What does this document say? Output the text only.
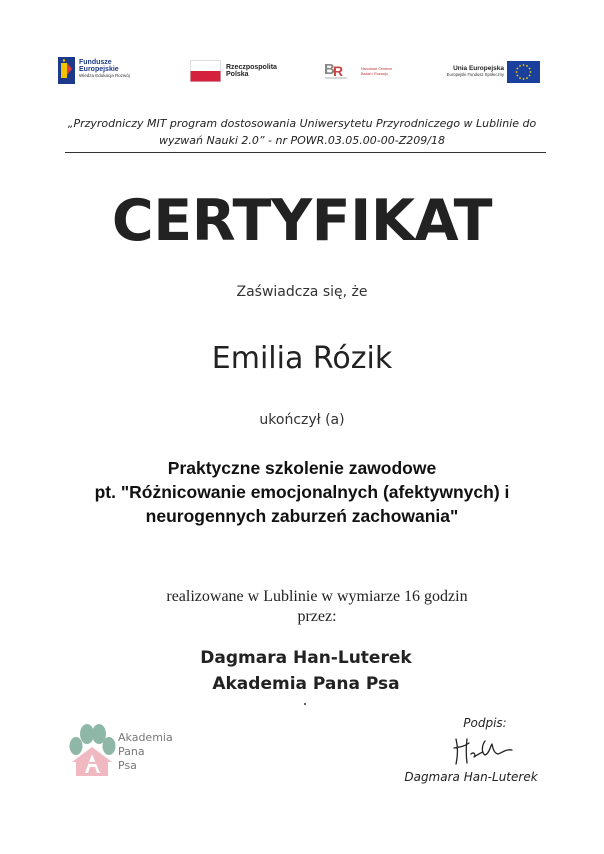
Fundusze
Europejskie
Wiedza Edukacja Rozwój
Rzeczpospolita
Polska	B
R	Narodowe Centrum
Badań i Rozwoju
Unia Europejska
Europejski Fundusz Społeczny
„Przyrodniczy MIT program dostosowania Uniwersytetu Przyrodniczego w Lublinie do
wyzwań Nauki 2.0” - nr POWR.03.05.00-00-Z209/18
CERTYFIKAT
Zaświadcza się, że
Emilia Rózik
ukończył (a)
Praktyczne szkolenie zawodowe
pt. "Różnicowanie emocjonalnych (afektywnych) i
neurogennych zaburzeń zachowania"
realizowane w Lublinie w wymiarze 16 godzin
przez:
Dagmara Han-Luterek
Akademia Pana Psa
Akademia
Pana
Psa
Podpis:
Dagmara Han-Luterek
